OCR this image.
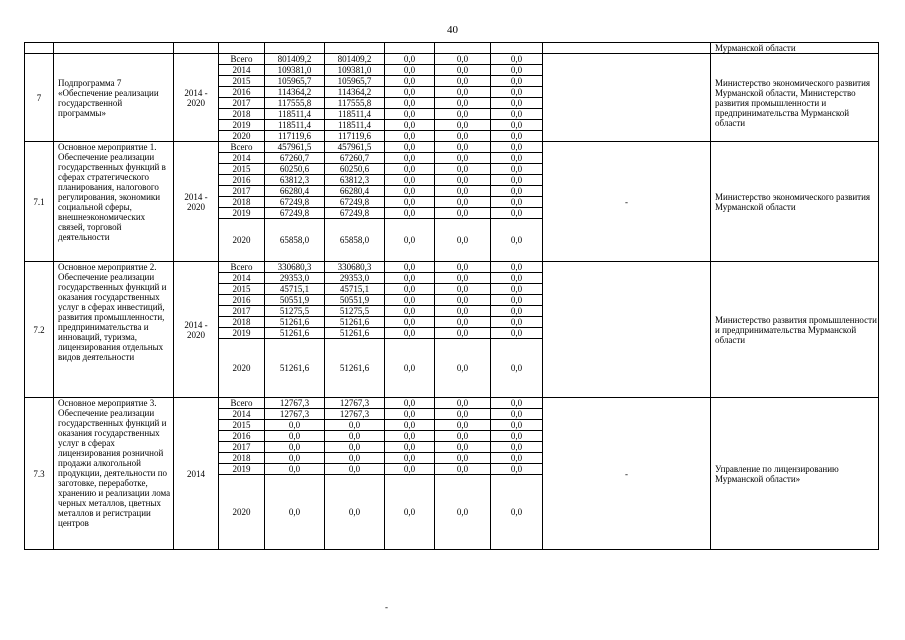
40
										Мурманской области
7	Подпрограмма 7 «Обеспечение реализации государственной программы»	2014 - 2020	Всего	801409,2	801409,2	0,0	0,0	0,0		Министерство экономического развития Мурманской области, Министерство развития промышленности и предпринимательства Мурманской области
			2014	109381,0	109381,0	0,0	0,0	0,0		
			2015	105965,7	105965,7	0,0	0,0	0,0		
			2016	114364,2	114364,2	0,0	0,0	0,0		
			2017	117555,8	117555,8	0,0	0,0	0,0		
			2018	118511,4	118511,4	0,0	0,0	0,0		
			2019	118511,4	118511,4	0,0	0,0	0,0		
			2020	117119,6	117119,6	0,0	0,0	0,0		
7.1	Основное мероприятие 1. Обеспечение реализации государственных функций в сферах стратегического планирования, налогового регулирования, экономики социальной сферы, внешнеэкономических связей, торговой деятельности	2014 - 2020	Всего	457961,5	457961,5	0,0	0,0	0,0	-	Министерство экономического развития Мурманской области
			2014	67260,7	67260,7	0,0	0,0	0,0		
			2015	60250,6	60250,6	0,0	0,0	0,0		
			2016	63812,3	63812,3	0,0	0,0	0,0		
			2017	66280,4	66280,4	0,0	0,0	0,0		
			2018	67249,8	67249,8	0,0	0,0	0,0		
			2019	67249,8	67249,8	0,0	0,0	0,0		
			2020	65858,0	65858,0	0,0	0,0	0,0		
7.2	Основное мероприятие 2. Обеспечение реализации государственных функций и оказания государственных услуг в сферах инвестиций, развития промышленности, предпринимательства и инноваций, туризма, лицензирования отдельных видов деятельности	2014 - 2020	Всего	330680,3	330680,3	0,0	0,0	0,0		Министерство развития промышленности и предпринимательства Мурманской области
			2014	29353,0	29353,0	0,0	0,0	0,0		
			2015	45715,1	45715,1	0,0	0,0	0,0		
			2016	50551,9	50551,9	0,0	0,0	0,0		
			2017	51275,5	51275,5	0,0	0,0	0,0		
			2018	51261,6	51261,6	0,0	0,0	0,0		
			2019	51261,6	51261,6	0,0	0,0	0,0		
			2020	51261,6	51261,6	0,0	0,0	0,0		
7.3	Основное мероприятие 3. Обеспечение реализации государственных функций и оказания государственных услуг в сферах лицензирования розничной продажи алкогольной продукции, деятельности по заготовке, переработке, хранению и реализации лома черных металлов, цветных металлов и регистрации центров	2014	Всего	12767,3	12767,3	0,0	0,0	0,0	-	Управление по лицензированию Мурманской области»
			2014	12767,3	12767,3	0,0	0,0	0,0		
			2015	0,0	0,0	0,0	0,0	0,0		
			2016	0,0	0,0	0,0	0,0	0,0		
			2017	0,0	0,0	0,0	0,0	0,0		
			2018	0,0	0,0	0,0	0,0	0,0		
			2019	0,0	0,0	0,0	0,0	0,0		
			2020	0,0	0,0	0,0	0,0	0,0		
-
